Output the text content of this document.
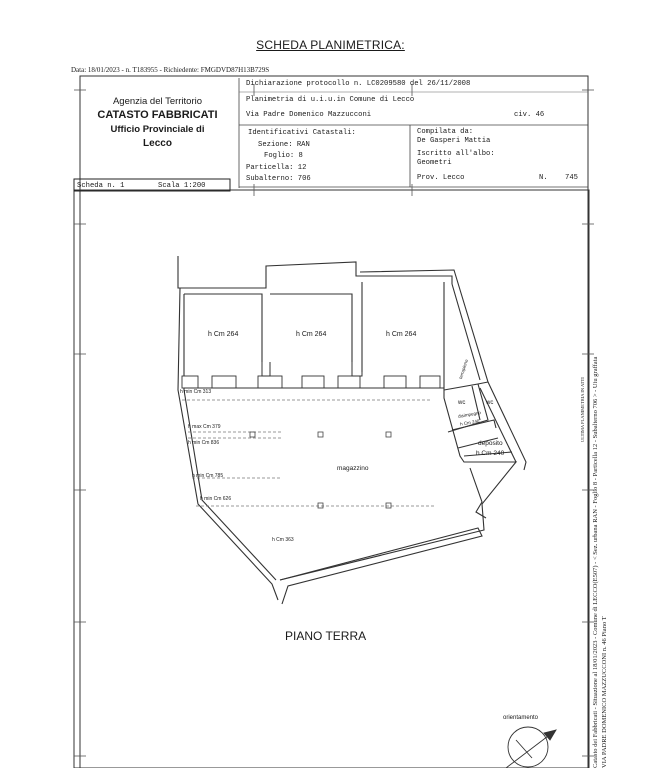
SCHEDA PLANIMETRICA:
Data: 18/01/2023 - n. T183955 - Richiedente: FMGDVD87H13B729S
Agenzia del Territorio
CATASTO FABBRICATI
Ufficio Provinciale di
Lecco
Dichiarazione protocollo n. LC0209580 del 26/11/2008
Planimetria di u.i.u.in Comune di Lecco
Via Padre Domenico Mazzucconi	civ. 46
Identificativi Catastali:
Sezione: RAN
Foglio: 8
Particella: 12
Subalterno: 706
Compilata da:
De Gasperi Mattia
Iscritto all'albo:
Geometri
Prov. Lecco	N. 745
Scheda n. 1	Scala 1:200
h Cm 264	h Cm 264	h Cm 264
h min Cm 313
h max Cm 379
h min Cm 836
h min Cm 785
h min Cm 626
h Cm 363
magazzino
wc	wc
disimpegno
h Cm 240
deposito
h Cm 240
terrapieno
PIANO TERRA
orientamento
ULTIMA PLANIMETRIA IN ATTI Catasto dei Fabbricati - Situazione al 18/01/2023 - Comune di LECCO(E507) - < Sez. urbana RAN - Foglio 8 - Particella 12 - Subalterno 706 > - Uiu graffata VIA PADRE DOMENICO MAZZUCCONI n. 46 Piano T
